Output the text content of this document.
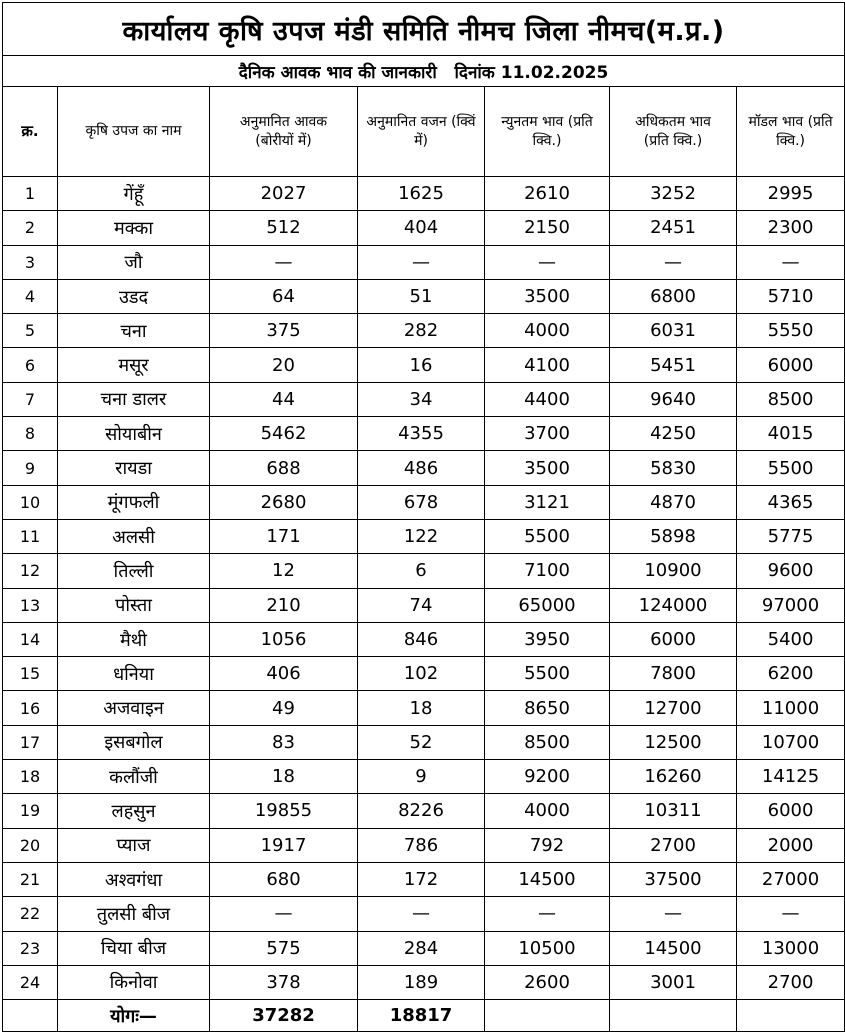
कार्यालय कृषि उपज मंडी समिति नीमच जिला नीमच(म.प्र.)						
दैनिक आवक भाव की जानकारी   दिनांक 11.02.2025						
क्र.	कृषि उपज का नाम	अनुमानित आवक (बोरीयों में)	अनुमानित वजन (क्विं में)	न्युनतम भाव (प्रति क्वि.)	अधिकतम भाव (प्रति क्वि.)	मॉडल भाव (प्रति क्वि.)
1	गेंहूँ	2027	1625	2610	3252	2995
2	मक्का	512	404	2150	2451	2300
3	जौ	—	—	—	—	—
4	उडद	64	51	3500	6800	5710
5	चना	375	282	4000	6031	5550
6	मसूर	20	16	4100	5451	6000
7	चना डालर	44	34	4400	9640	8500
8	सोयाबीन	5462	4355	3700	4250	4015
9	रायडा	688	486	3500	5830	5500
10	मूंगफली	2680	678	3121	4870	4365
11	अलसी	171	122	5500	5898	5775
12	तिल्ली	12	6	7100	10900	9600
13	पोस्ता	210	74	65000	124000	97000
14	मैथी	1056	846	3950	6000	5400
15	धनिया	406	102	5500	7800	6200
16	अजवाइन	49	18	8650	12700	11000
17	इसबगोल	83	52	8500	12500	10700
18	कलौंजी	18	9	9200	16260	14125
19	लहसुन	19855	8226	4000	10311	6000
20	प्याज	1917	786	792	2700	2000
21	अश्वगंधा	680	172	14500	37500	27000
22	तुलसी बीज	—	—	—	—	—
23	चिया बीज	575	284	10500	14500	13000
24	किनोवा	378	189	2600	3001	2700
	योगः—	37282	18817			
